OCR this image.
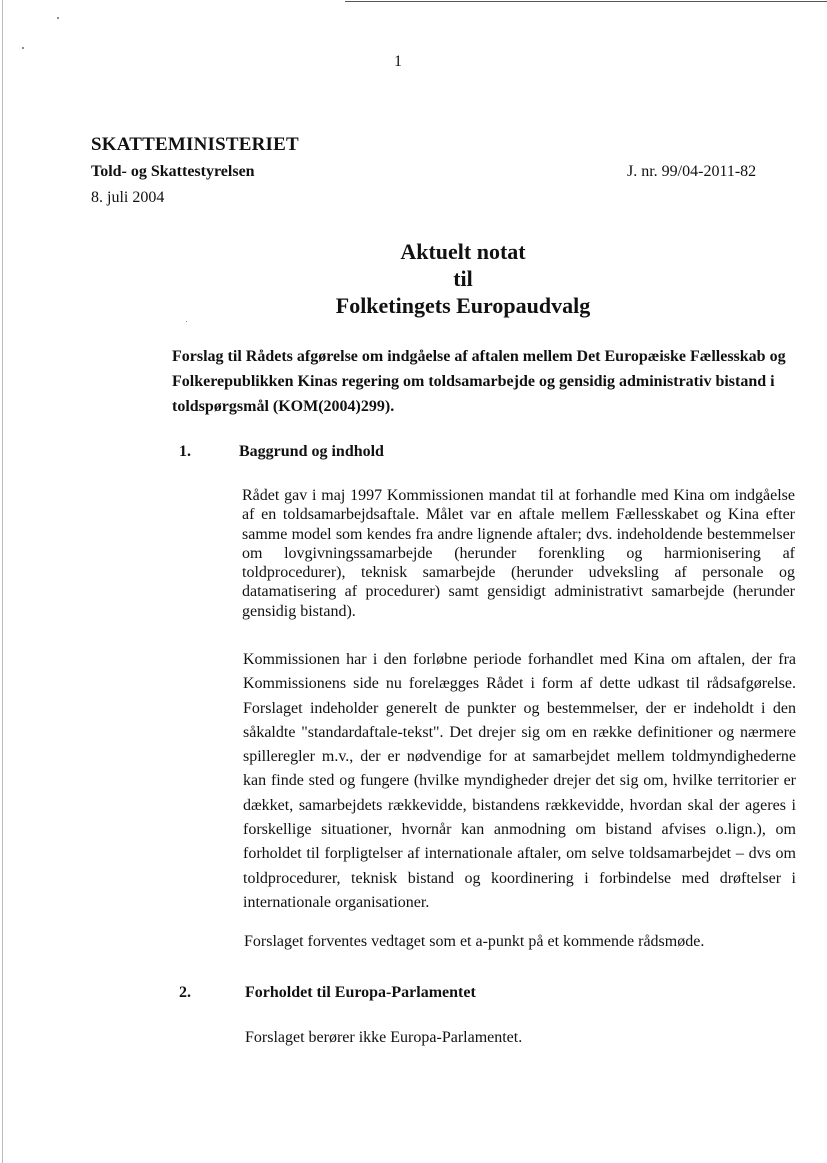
1
SKATTEMINISTERIET
Told- og Skattestyrelsen
8. juli 2004
J. nr. 99/04-2011-82
Aktuelt notat
til
Folketingets Europaudvalg
Forslag til Rådets afgørelse om indgåelse af aftalen mellem Det Europæiske Fællesskab og Folkerepublikken Kinas regering om toldsamarbejde og gensidig administrativ bistand i toldspørgsmål (KOM(2004)299).
1.	Baggrund og indhold
Rådet gav i maj 1997 Kommissionen mandat til at forhandle med Kina om indgåelse af en toldsamarbejdsaftale. Målet var en aftale mellem Fællesskabet og Kina efter samme model som kendes fra andre lignende aftaler; dvs. indeholdende bestemmelser om lovgivningssamarbejde (herunder forenkling og harmionisering af toldprocedurer), teknisk samarbejde (herunder udveksling af personale og datamatisering af procedurer) samt gensidigt administrativt samarbejde (herunder gensidig bistand).
Kommissionen har i den forløbne periode forhandlet med Kina om aftalen, der fra Kommissionens side nu forelægges Rådet i form af dette udkast til rådsafgørelse. Forslaget indeholder generelt de punkter og bestemmelser, der er indeholdt i den såkaldte "standardaftale-tekst". Det drejer sig om en række definitioner og nærmere spilleregler m.v., der er nødvendige for at samarbejdet mellem toldmyndighederne kan finde sted og fungere (hvilke myndigheder drejer det sig om, hvilke territorier er dækket, samarbejdets rækkevidde, bistandens rækkevidde, hvordan skal der ageres i forskellige situationer, hvornår kan anmodning om bistand afvises o.lign.), om forholdet til forpligtelser af internationale aftaler, om selve toldsamarbejdet – dvs om toldprocedurer, teknisk bistand og koordinering i forbindelse med drøftelser i internationale organisationer.
Forslaget forventes vedtaget som et a-punkt på et kommende rådsmøde.
2.	Forholdet til Europa-Parlamentet
Forslaget berører ikke Europa-Parlamentet.
